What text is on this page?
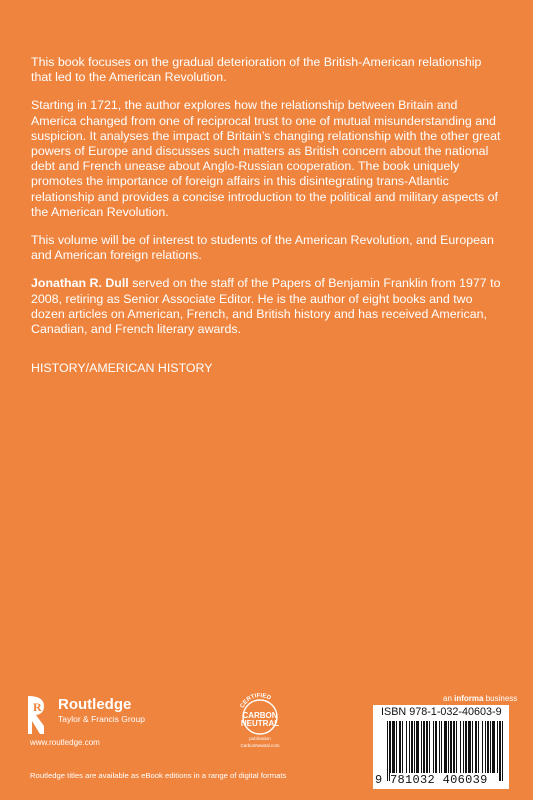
This book focuses on the gradual deterioration of the British-American relationship that led to the American Revolution.

Starting in 1721, the author explores how the relationship between Britain and America changed from one of reciprocal trust to one of mutual misunderstanding and suspicion. It analyses the impact of Britain’s changing relationship with the other great powers of Europe and discusses such matters as British concern about the national debt and French unease about Anglo-Russian cooperation. The book uniquely promotes the importance of foreign affairs in this disintegrating trans-Atlantic relationship and provides a concise introduction to the political and military aspects of the American Revolution.

This volume will be of interest to students of the American Revolution, and European and American foreign relations.

Jonathan R. Dull served on the staff of the Papers of Benjamin Franklin from 1977 to 2008, retiring as Senior Associate Editor. He is the author of eight books and two dozen articles on American, French, and British history and has received American, Canadian, and French literary awards.

HISTORY/AMERICAN HISTORY
R Routledge
Taylor & Francis Group
www.routledge.com
Routledge titles are available as eBook editions in a range of digital formats
CERTIFIED
CARBON
NEUTRAL
publication
CarbonNeutral.com
an informa business
ISBN 978-1-032-40603-9
9 781032 406039
